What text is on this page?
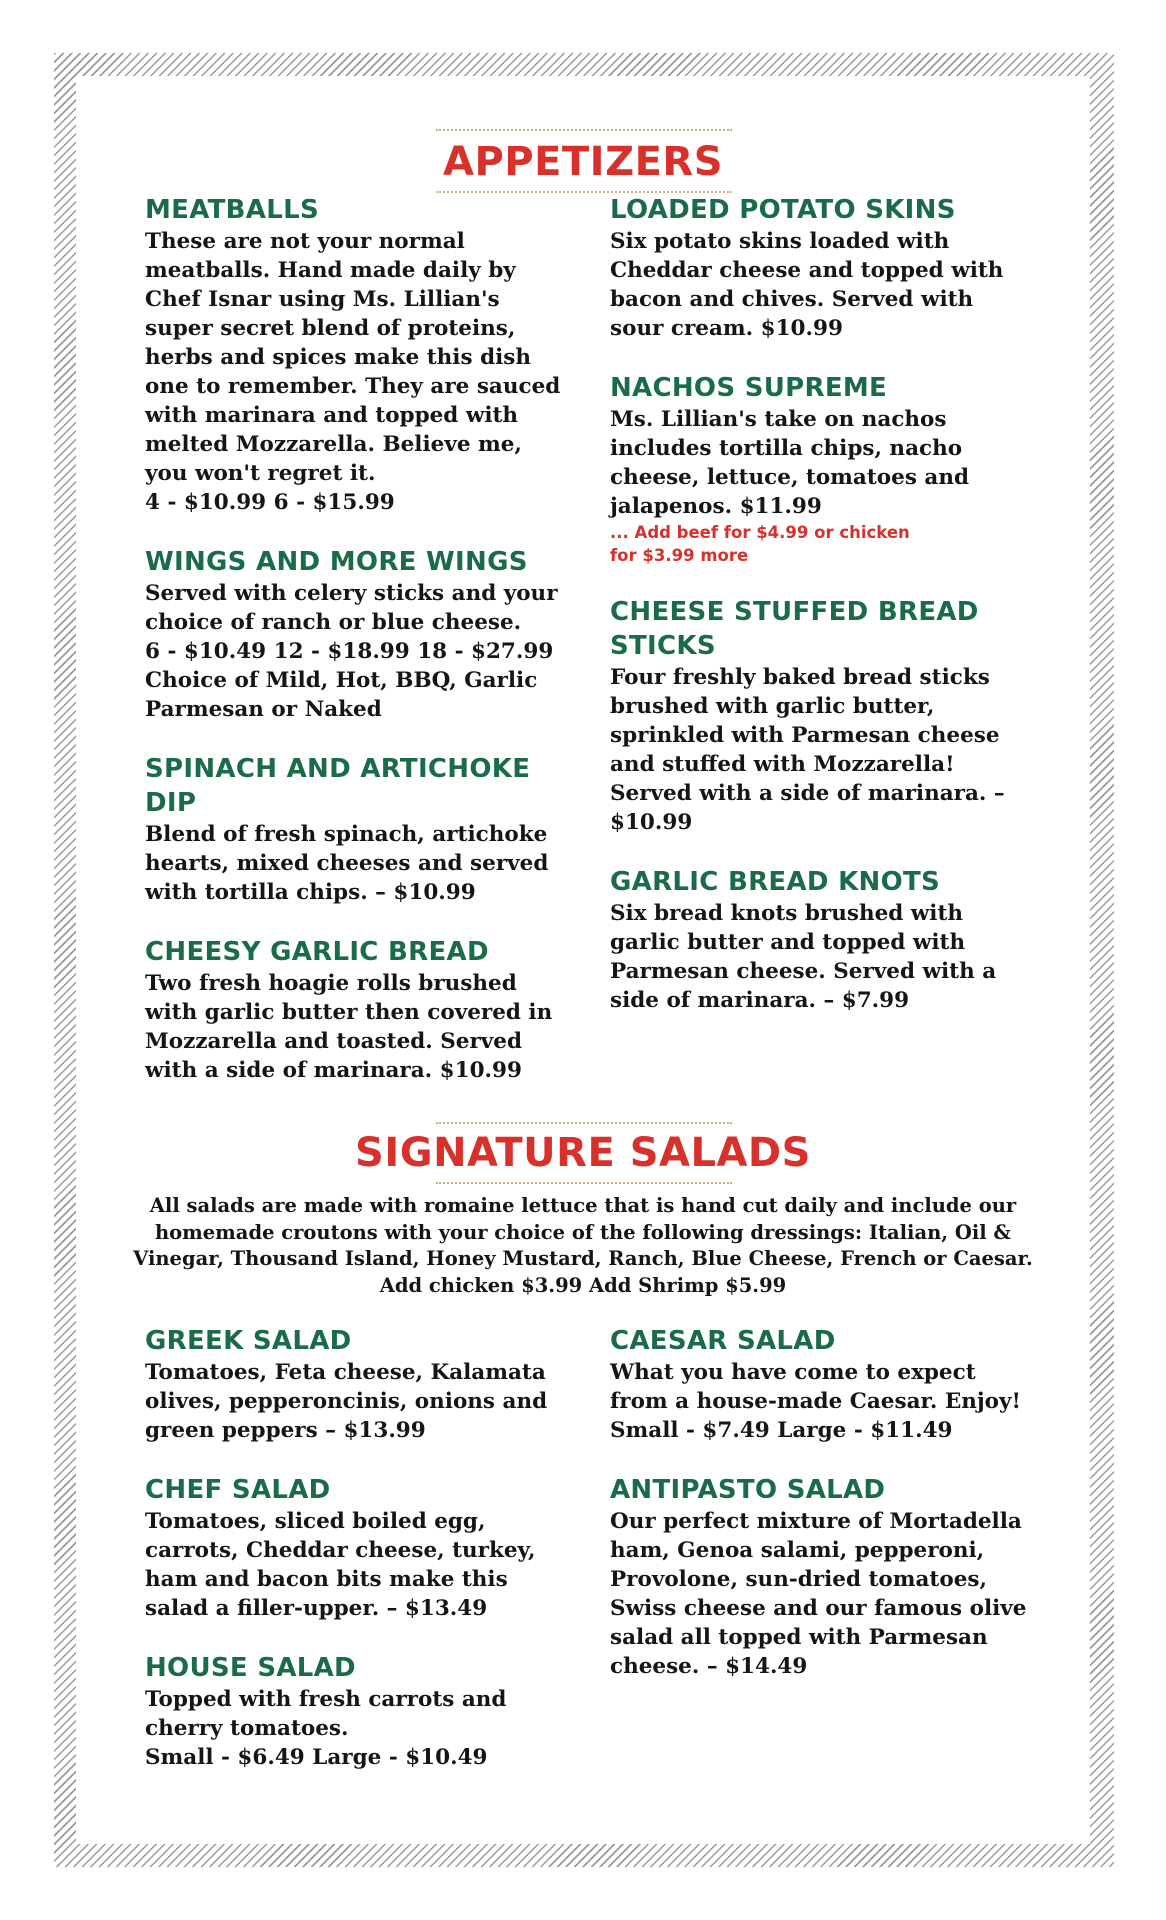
APPETIZERS
MEATBALLS
These are not your normal
meatballs. Hand made daily by
Chef Isnar using Ms. Lillian's
super secret blend of proteins,
herbs and spices make this dish
one to remember. They are sauced
with marinara and topped with
melted Mozzarella. Believe me,
you won't regret it.
4 - $10.99 6 - $15.99
WINGS AND MORE WINGS
Served with celery sticks and your
choice of ranch or blue cheese.
6 - $10.49 12 - $18.99 18 - $27.99
Choice of Mild, Hot, BBQ, Garlic
Parmesan or Naked
SPINACH AND ARTICHOKE
DIP
Blend of fresh spinach, artichoke
hearts, mixed cheeses and served
with tortilla chips. – $10.99
CHEESY GARLIC BREAD
Two fresh hoagie rolls brushed
with garlic butter then covered in
Mozzarella and toasted. Served
with a side of marinara. $10.99
LOADED POTATO SKINS
Six potato skins loaded with
Cheddar cheese and topped with
bacon and chives. Served with
sour cream. $10.99
NACHOS SUPREME
Ms. Lillian's take on nachos
includes tortilla chips, nacho
cheese, lettuce, tomatoes and
jalapenos. $11.99
... Add beef for $4.99 or chicken
for $3.99 more
CHEESE STUFFED BREAD
STICKS
Four freshly baked bread sticks
brushed with garlic butter,
sprinkled with Parmesan cheese
and stuffed with Mozzarella!
Served with a side of marinara. –
$10.99
GARLIC BREAD KNOTS
Six bread knots brushed with
garlic butter and topped with
Parmesan cheese. Served with a
side of marinara. – $7.99
SIGNATURE SALADS
All salads are made with romaine lettuce that is hand cut daily and include our
homemade croutons with your choice of the following dressings: Italian, Oil &
Vinegar, Thousand Island, Honey Mustard, Ranch, Blue Cheese, French or Caesar.
Add chicken $3.99 Add Shrimp $5.99
GREEK SALAD
Tomatoes, Feta cheese, Kalamata
olives, pepperoncinis, onions and
green peppers – $13.99
CHEF SALAD
Tomatoes, sliced boiled egg,
carrots, Cheddar cheese, turkey,
ham and bacon bits make this
salad a filler-upper. – $13.49
HOUSE SALAD
Topped with fresh carrots and
cherry tomatoes.
Small - $6.49 Large - $10.49
CAESAR SALAD
What you have come to expect
from a house-made Caesar. Enjoy!
Small - $7.49 Large - $11.49
ANTIPASTO SALAD
Our perfect mixture of Mortadella
ham, Genoa salami, pepperoni,
Provolone, sun-dried tomatoes,
Swiss cheese and our famous olive
salad all topped with Parmesan
cheese. – $14.49
